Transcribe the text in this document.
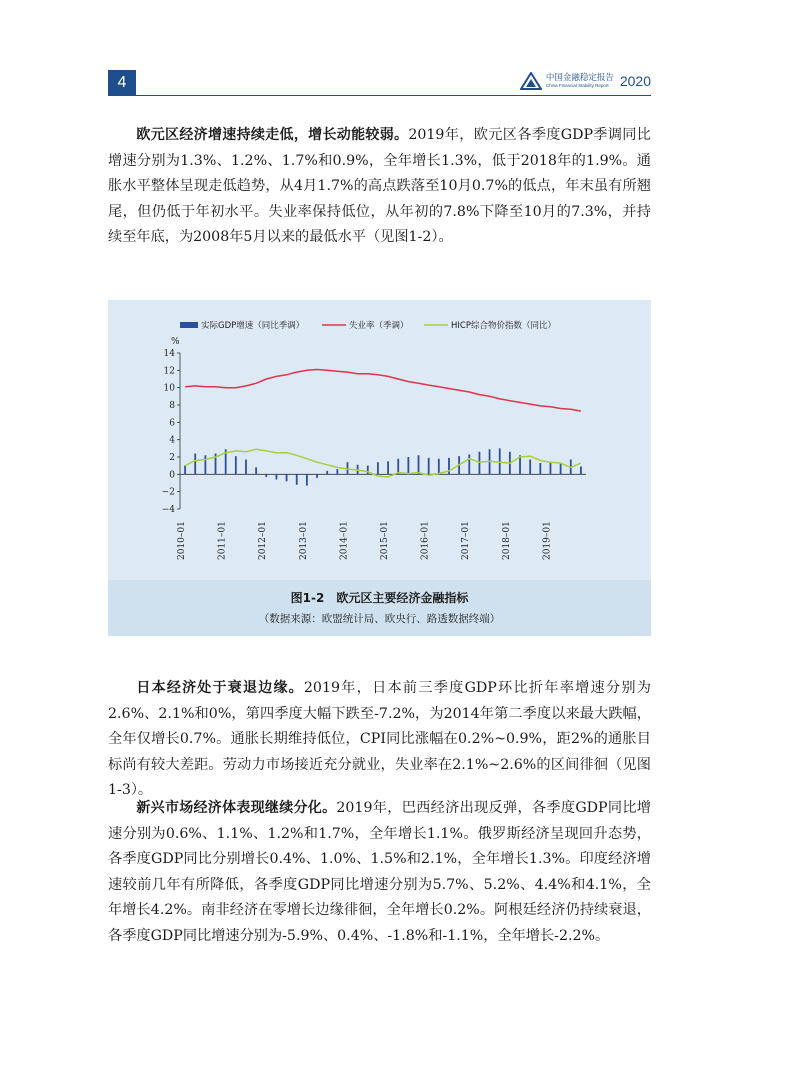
4	中国金融稳定报告
China Financial Stability Report 2020

欧元区经济增速持续走低，增长动能较弱。2019年，欧元区各季度GDP季调同比增速分别为1.3%、1.2%、1.7%和0.9%，全年增长1.3%，低于2018年的1.9%。通胀水平整体呈现走低趋势，从4月1.7%的高点跌落至10月0.7%的低点，年末虽有所翘尾，但仍低于年初水平。失业率保持低位，从年初的7.8%下降至10月的7.3%，并持续至年底，为2008年5月以来的最低水平（见图1-2）。

实际GDP增速（同比季调）	失业率（季调）	HICP综合物价指数（同比）
%
−4
−2
0
2
4
6
8
10
12
14
2010–01	2011–01	2012–01	2013–01	2014–01	2015–01	2016–01	2017–01	2018–01	2019–01
图1-2　欧元区主要经济金融指标
（数据来源：欧盟统计局、欧央行、路透数据终端）

日本经济处于衰退边缘。2019年，日本前三季度GDP环比折年率增速分别为2.6%、2.1%和0%，第四季度大幅下跌至-7.2%，为2014年第二季度以来最大跌幅，全年仅增长0.7%。通胀长期维持低位，CPI同比涨幅在0.2%~0.9%，距2%的通胀目标尚有较大差距。劳动力市场接近充分就业，失业率在2.1%~2.6%的区间徘徊（见图1-3）。

新兴市场经济体表现继续分化。2019年，巴西经济出现反弹，各季度GDP同比增速分别为0.6%、1.1%、1.2%和1.7%，全年增长1.1%。俄罗斯经济呈现回升态势，各季度GDP同比分别增长0.4%、1.0%、1.5%和2.1%，全年增长1.3%。印度经济增速较前几年有所降低，各季度GDP同比增速分别为5.7%、5.2%、4.4%和4.1%，全年增长4.2%。南非经济在零增长边缘徘徊，全年增长0.2%。阿根廷经济仍持续衰退，各季度GDP同比增速分别为-5.9%、0.4%、-1.8%和-1.1%，全年增长-2.2%。
